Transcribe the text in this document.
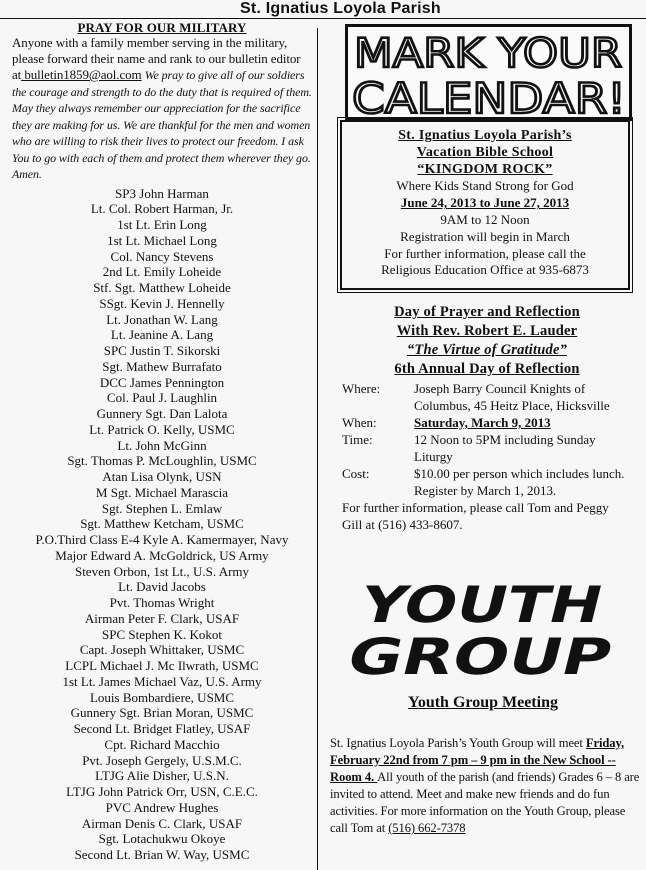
St. Ignatius Loyola Parish
PRAY FOR OUR MILITARY

Anyone with a family member serving in the military, please forward their name and rank to our bulletin editor at bulletin1859@aol.com We pray to give all of our soldiers the courage and strength to do the duty that is required of them. May they always remember our appreciation for the sacrifice they are making for us. We are thankful for the men and women who are willing to risk their lives to protect our freedom. I ask You to go with each of them and protect them wherever they go. Amen.

SP3 John Harman
Lt. Col. Robert Harman, Jr.
1st Lt. Erin Long
1st Lt. Michael Long
Col. Nancy Stevens
2nd Lt. Emily Loheide
Stf. Sgt. Matthew Loheide
SSgt. Kevin J. Hennelly
Lt. Jonathan W. Lang
Lt. Jeanine A. Lang
SPC Justin T. Sikorski
Sgt. Mathew Burrafato
DCC James Pennington
Col. Paul J. Laughlin
Gunnery Sgt. Dan Lalota
Lt. Patrick O. Kelly, USMC
Lt. John McGinn
Sgt. Thomas P. McLoughlin, USMC
Atan Lisa Olynk, USN
M Sgt. Michael Marascia
Sgt. Stephen L. Emlaw
Sgt. Matthew Ketcham, USMC
P.O.Third Class E-4 Kyle A. Kamermayer, Navy
Major Edward A. McGoldrick, US Army
Steven Orbon, 1st Lt., U.S. Army
Lt. David Jacobs
Pvt. Thomas Wright
Airman Peter F. Clark, USAF
SPC Stephen K. Kokot
Capt. Joseph Whittaker, USMC
LCPL Michael J. Mc Ilwrath, USMC
1st Lt. James Michael Vaz, U.S. Army
Louis Bombardiere, USMC
Gunnery Sgt. Brian Moran, USMC
Second Lt. Bridget Flatley, USAF
Cpt. Richard Macchio
Pvt. Joseph Gergely, U.S.M.C.
LTJG Alie Disher, U.S.N.
LTJG John Patrick Orr, USN, C.E.C.
PVC Andrew Hughes
Airman Denis C. Clark, USAF
Sgt. Lotachukwu Okoye
Second Lt. Brian W. Way, USMC
MARK YOUR
CALENDAR!
St. Ignatius Loyola Parish’s
Vacation Bible School
“KINGDOM ROCK”
Where Kids Stand Strong for God
June 24, 2013 to June 27, 2013
9AM to 12 Noon
Registration will begin in March
For further information, please call the
Religious Education Office at 935-6873
Day of Prayer and Reflection
With Rev. Robert E. Lauder
“The Virtue of Gratitude”
6th Annual Day of Reflection
Where:	Joseph Barry Council Knights of Columbus, 45 Heitz Place, Hicksville
When:	Saturday, March 9, 2013
Time:	12 Noon to 5PM including Sunday Liturgy
Cost:	$10.00 per person which includes lunch. Register by March 1, 2013.
For further information, please call Tom and Peggy Gill at (516) 433-8607.
YOUTH
GROUP
Youth Group Meeting
St. Ignatius Loyola Parish’s Youth Group will meet Friday, February 22nd from 7 pm – 9 pm in the New School -- Room 4. All youth of the parish (and friends) Grades 6 – 8 are invited to attend. Meet and make new friends and do fun activities. For more information on the Youth Group, please call Tom at (516) 662-7378
